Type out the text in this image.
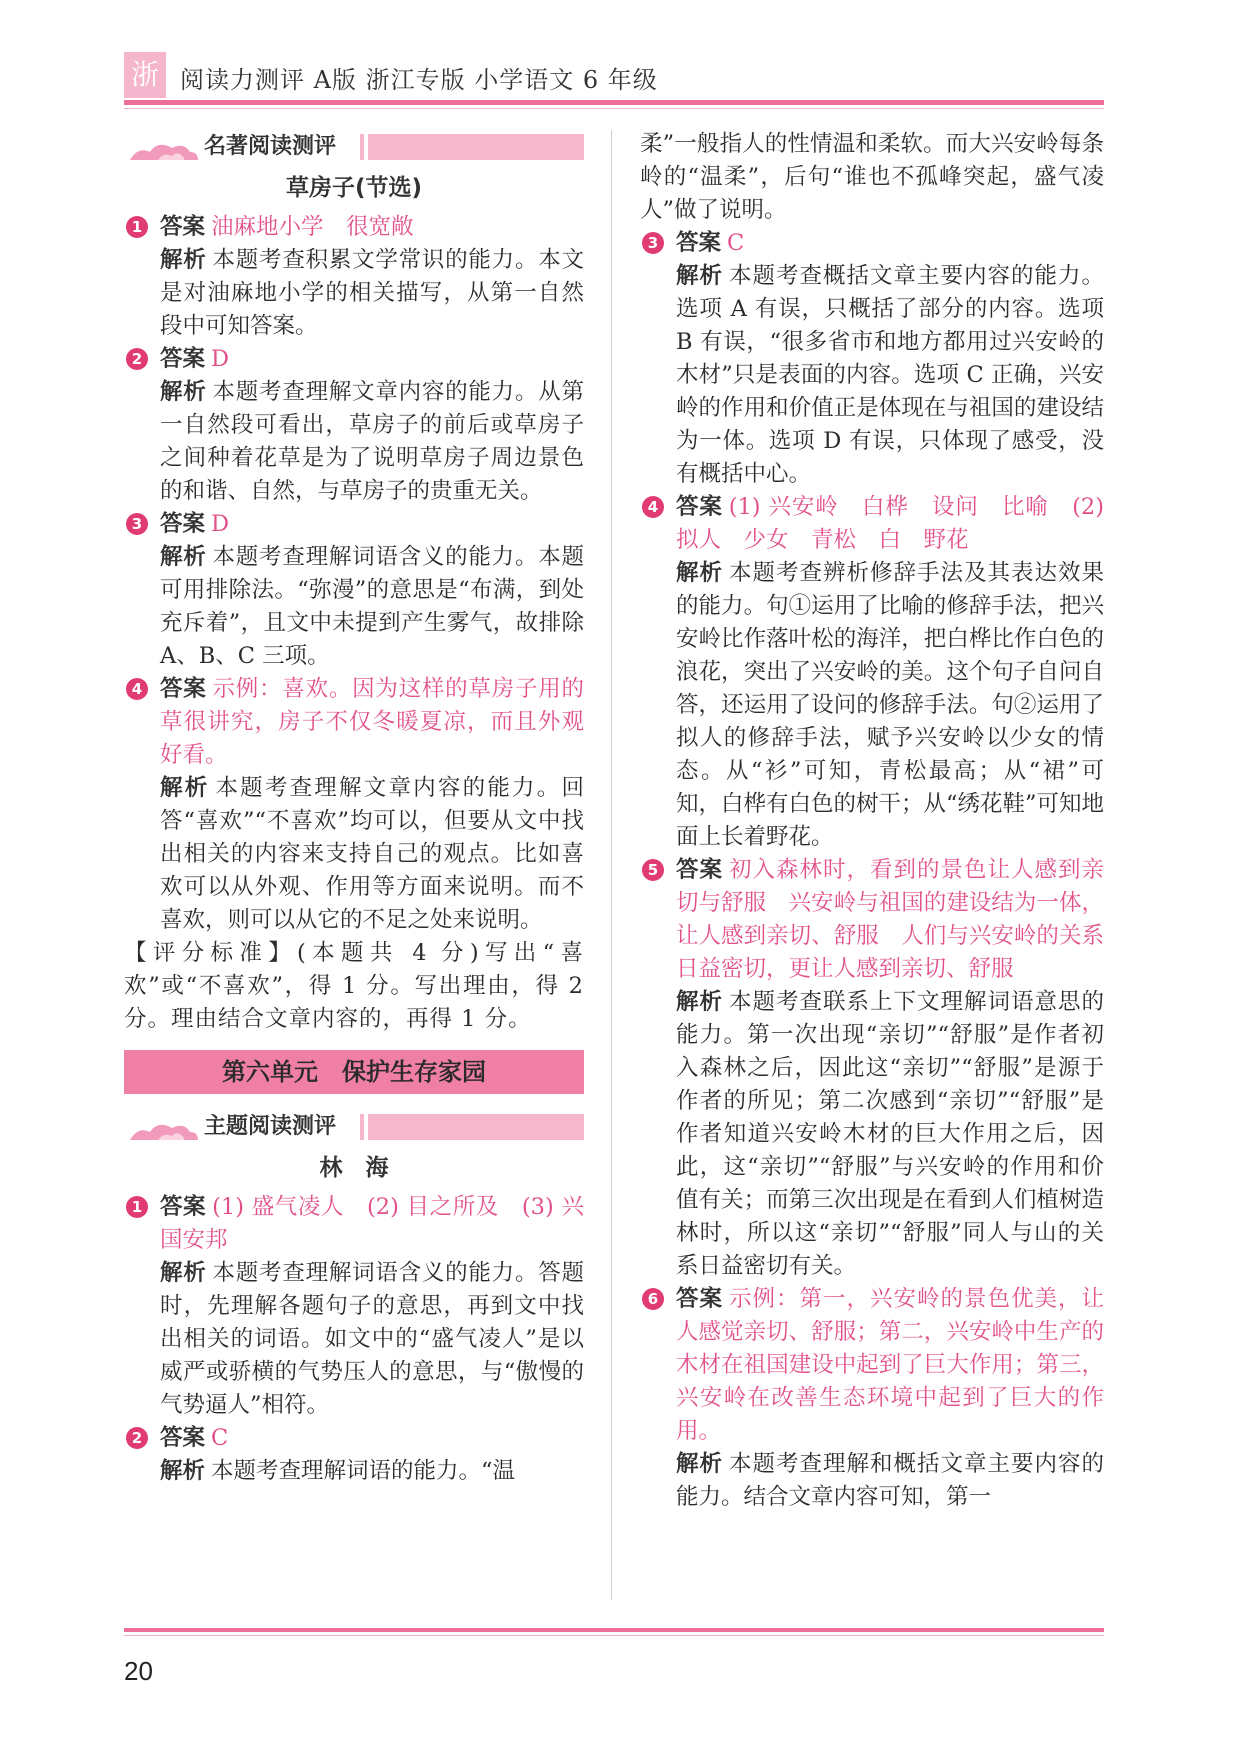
浙 阅读力测评 A版 浙江专版 小学语文 6 年级
名著阅读测评
草房子(节选)
1 答案 油麻地小学　很宽敞
解析 本题考查积累文学常识的能力。本文是对油麻地小学的相关描写，从第一自然段中可知答案。
2 答案 D
解析 本题考查理解文章内容的能力。从第一自然段可看出，草房子的前后或草房子之间种着花草是为了说明草房子周边景色的和谐、自然，与草房子的贵重无关。
3 答案 D
解析 本题考查理解词语含义的能力。本题可用排除法。“弥漫”的意思是“布满，到处充斥着”，且文中未提到产生雾气，故排除 A、B、C 三项。
4 答案 示例：喜欢。因为这样的草房子用的草很讲究，房子不仅冬暖夏凉，而且外观好看。
解析 本题考查理解文章内容的能力。回答“喜欢”“不喜欢”均可以，但要从文中找出相关的内容来支持自己的观点。比如喜欢可以从外观、作用等方面来说明。而不喜欢，则可以从它的不足之处来说明。
【评分标准】(本题共 4 分)写出“喜欢”或“不喜欢”，得 1 分。写出理由，得 2 分。理由结合文章内容的，再得 1 分。
第六单元　保护生存家园
主题阅读测评
林　海
1 答案 (1) 盛气凌人　(2) 目之所及　(3) 兴国安邦
解析 本题考查理解词语含义的能力。答题时，先理解各题句子的意思，再到文中找出相关的词语。如文中的“盛气凌人”是以威严或骄横的气势压人的意思，与“傲慢的气势逼人”相符。
2 答案 C
解析 本题考查理解词语的能力。“温
柔”一般指人的性情温和柔软。而大兴安岭每条岭的“温柔”，后句“谁也不孤峰突起，盛气凌人”做了说明。
3 答案 C
解析 本题考查概括文章主要内容的能力。选项 A 有误，只概括了部分的内容。选项 B 有误，“很多省市和地方都用过兴安岭的木材”只是表面的内容。选项 C 正确，兴安岭的作用和价值正是体现在与祖国的建设结为一体。选项 D 有误，只体现了感受，没有概括中心。
4 答案 (1) 兴安岭　白桦　设问　比喻　(2) 拟人　少女　青松　白　野花
解析 本题考查辨析修辞手法及其表达效果的能力。句①运用了比喻的修辞手法，把兴安岭比作落叶松的海洋，把白桦比作白色的浪花，突出了兴安岭的美。这个句子自问自答，还运用了设问的修辞手法。句②运用了拟人的修辞手法，赋予兴安岭以少女的情态。从“衫”可知，青松最高；从“裙”可知，白桦有白色的树干；从“绣花鞋”可知地面上长着野花。
5 答案 初入森林时，看到的景色让人感到亲切与舒服　兴安岭与祖国的建设结为一体，让人感到亲切、舒服　人们与兴安岭的关系日益密切，更让人感到亲切、舒服
解析 本题考查联系上下文理解词语意思的能力。第一次出现“亲切”“舒服”是作者初入森林之后，因此这“亲切”“舒服”是源于作者的所见；第二次感到“亲切”“舒服”是作者知道兴安岭木材的巨大作用之后，因此，这“亲切”“舒服”与兴安岭的作用和价值有关；而第三次出现是在看到人们植树造林时，所以这“亲切”“舒服”同人与山的关系日益密切有关。
6 答案 示例：第一，兴安岭的景色优美，让人感觉亲切、舒服；第二，兴安岭中生产的木材在祖国建设中起到了巨大作用；第三，兴安岭在改善生态环境中起到了巨大的作用。
解析 本题考查理解和概括文章主要内容的能力。结合文章内容可知，第一
20
